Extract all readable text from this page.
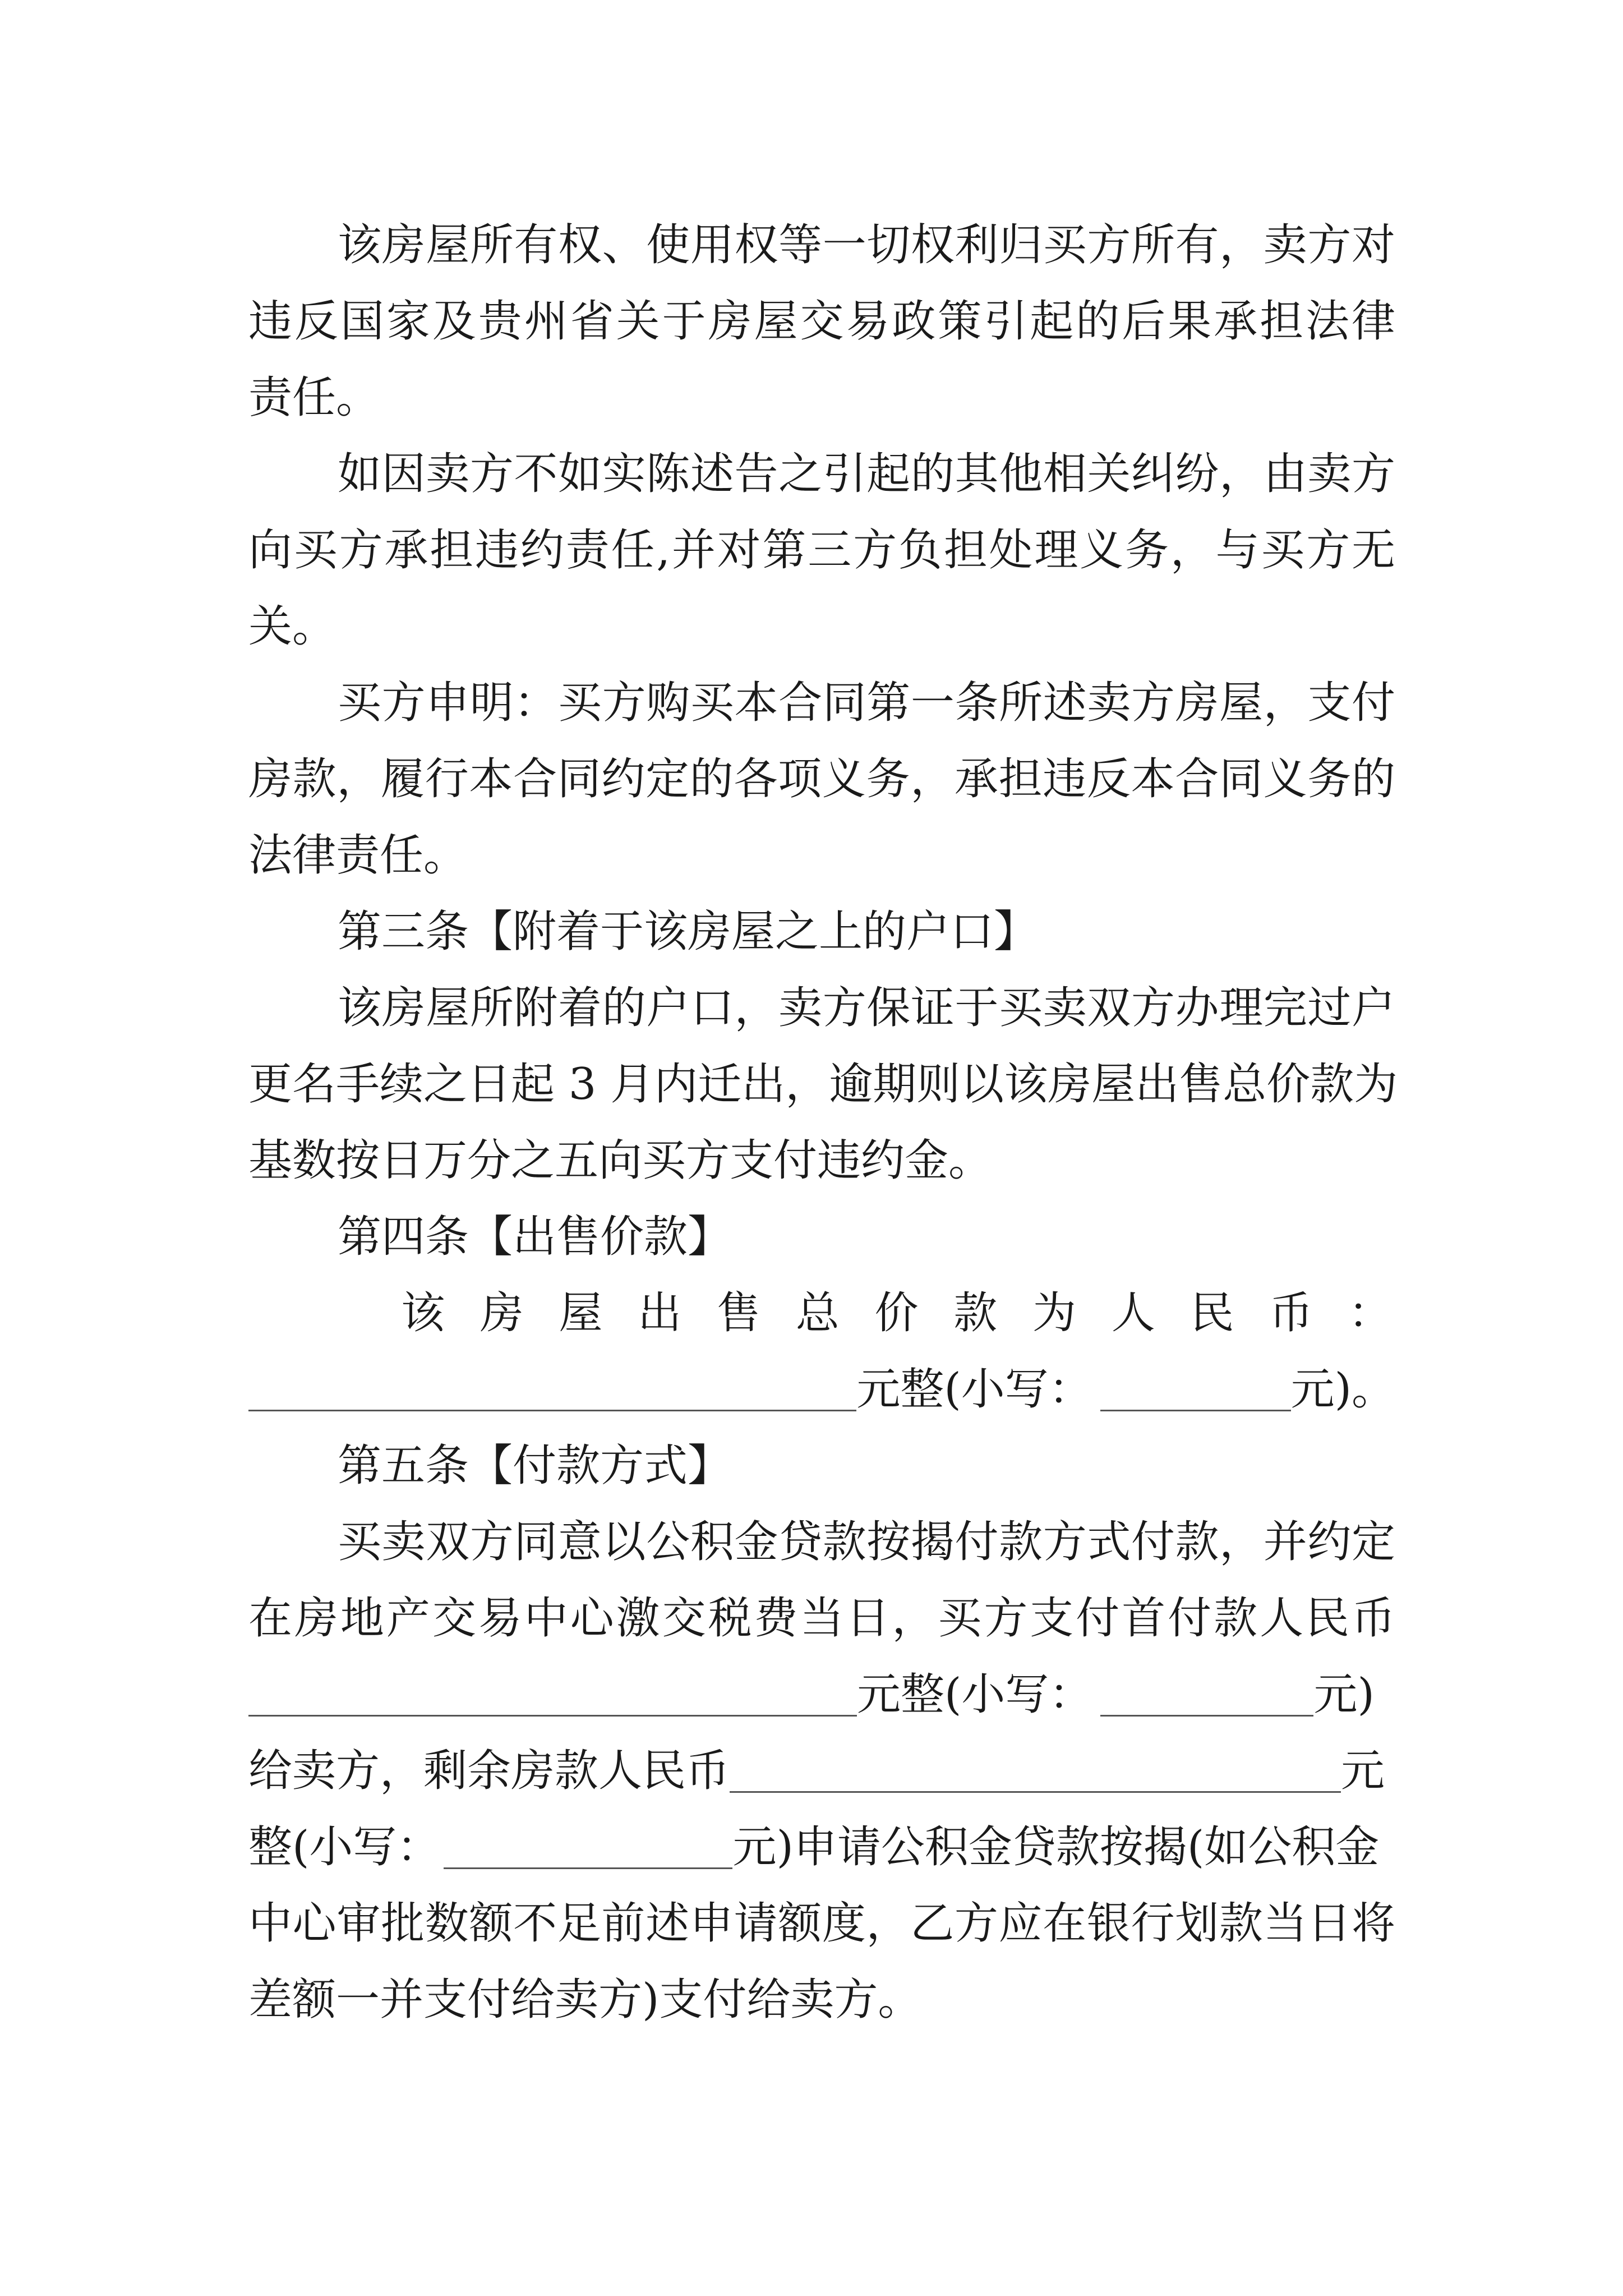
该房屋所有权、使用权等一切权利归买方所有，卖方对
违反国家及贵州省关于房屋交易政策引起的后果承担法律
责任。
如因卖方不如实陈述告之引起的其他相关纠纷，由卖方
向买方承担违约责任,并对第三方负担处理义务，与买方无
关。
买方申明：买方购买本合同第一条所述卖方房屋，支付
房款，履行本合同约定的各项义务，承担违反本合同义务的
法律责任。
第三条【附着于该房屋之上的户口】
该房屋所附着的户口，卖方保证于买卖双方办理完过户
更名手续之日起 3 月内迁出，逾期则以该房屋出售总价款为
基数按日万分之五向买方支付违约金。
第四条【出售价款】
该房屋出售总价款为人民币：
元整(小写：	元)。
第五条【付款方式】
买卖双方同意以公积金贷款按揭付款方式付款，并约定
在房地产交易中心激交税费当日，买方支付首付款人民币
元整(小写：	元)
给卖方，剩余房款人民币	元
整(小写：	元)申请公积金贷款按揭(如公积金
中心审批数额不足前述申请额度，乙方应在银行划款当日将
差额一并支付给卖方)支付给卖方。
